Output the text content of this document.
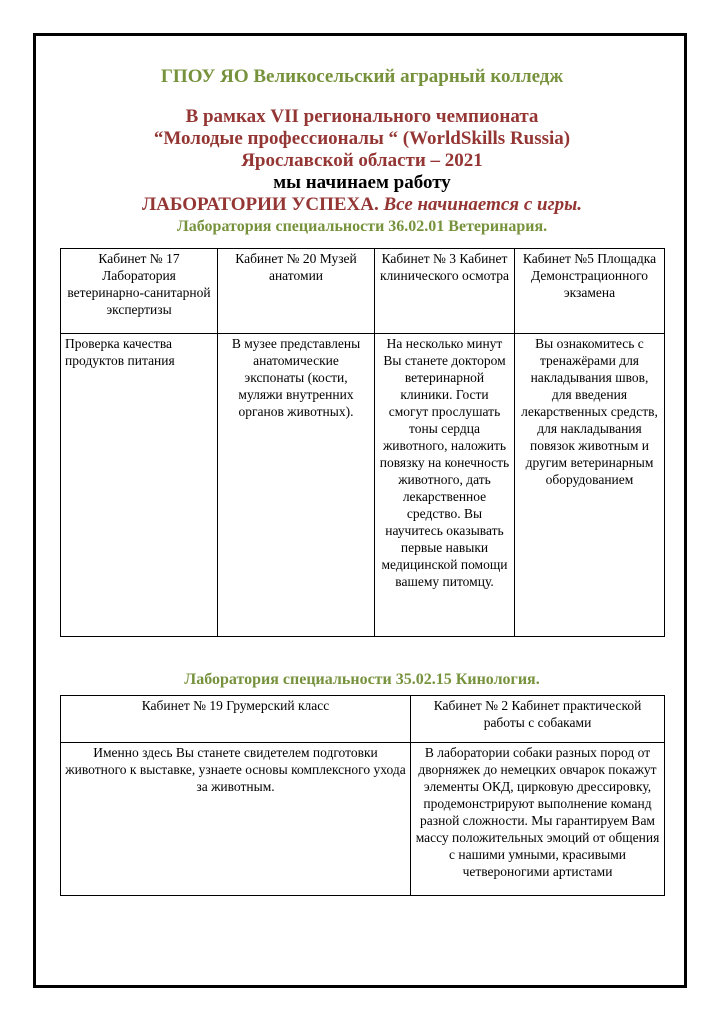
ГПОУ ЯО Великосельский аграрный колледж

В рамках VII регионального чемпионата

“Молодые профессионалы “ (WorldSkills Russia)

Ярославской области – 2021

мы начинаем работу

ЛАБОРАТОРИИ УСПЕХА. Все начинается с игры.

Лаборатория специальности 36.02.01 Ветеринария.

Кабинет № 17 Лаборатория ветеринарно-санитарной экспертизы	Кабинет № 20 Музей анатомии	Кабинет № 3 Кабинет клинического осмотра	Кабинет №5 Площадка Демонстрационного экзамена
Проверка качества продуктов питания	В музее представлены анатомические экспонаты (кости, муляжи внутренних органов животных).	На несколько минут Вы станете доктором ветеринарной клиники. Гости смогут прослушать тоны сердца животного, наложить повязку на конечность животного, дать лекарственное средство. Вы научитесь оказывать первые навыки медицинской помощи вашему питомцу.	Вы ознакомитесь с тренажёрами для накладывания швов, для введения лекарственных средств, для накладывания повязок животным и другим ветеринарным оборудованием

Лаборатория специальности 35.02.15 Кинология.

Кабинет № 19 Грумерский класс	Кабинет № 2 Кабинет практической работы с собаками
Именно здесь Вы станете свидетелем подготовки животного к выставке, узнаете основы комплексного ухода за животным.	В лаборатории собаки разных пород от дворняжек до немецких овчарок покажут элементы ОКД, цирковую дрессировку, продемонстрируют выполнение команд разной сложности. Мы гарантируем Вам массу положительных эмоций от общения с нашими умными, красивыми четвероногими артистами
